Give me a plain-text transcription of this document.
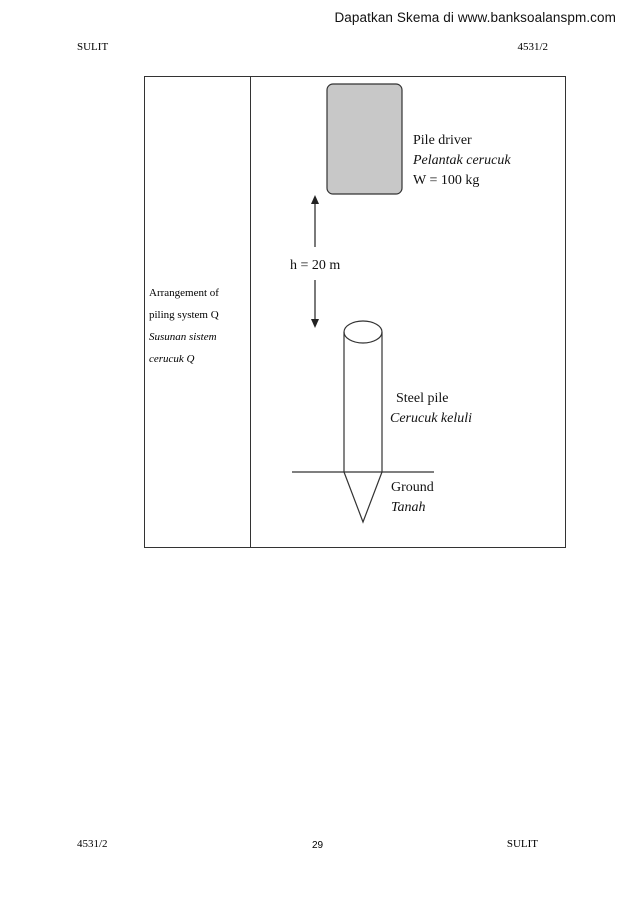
Dapatkan Skema di www.banksoalanspm.com
SULIT	4531/2
Arrangement of
piling system Q
Susunan sistem
cerucuk Q
Pile driver
Pelantak cerucuk
W = 100 kg
h = 20 m
Steel pile
Cerucuk keluli
Ground
Tanah
4531/2	29	SULIT
